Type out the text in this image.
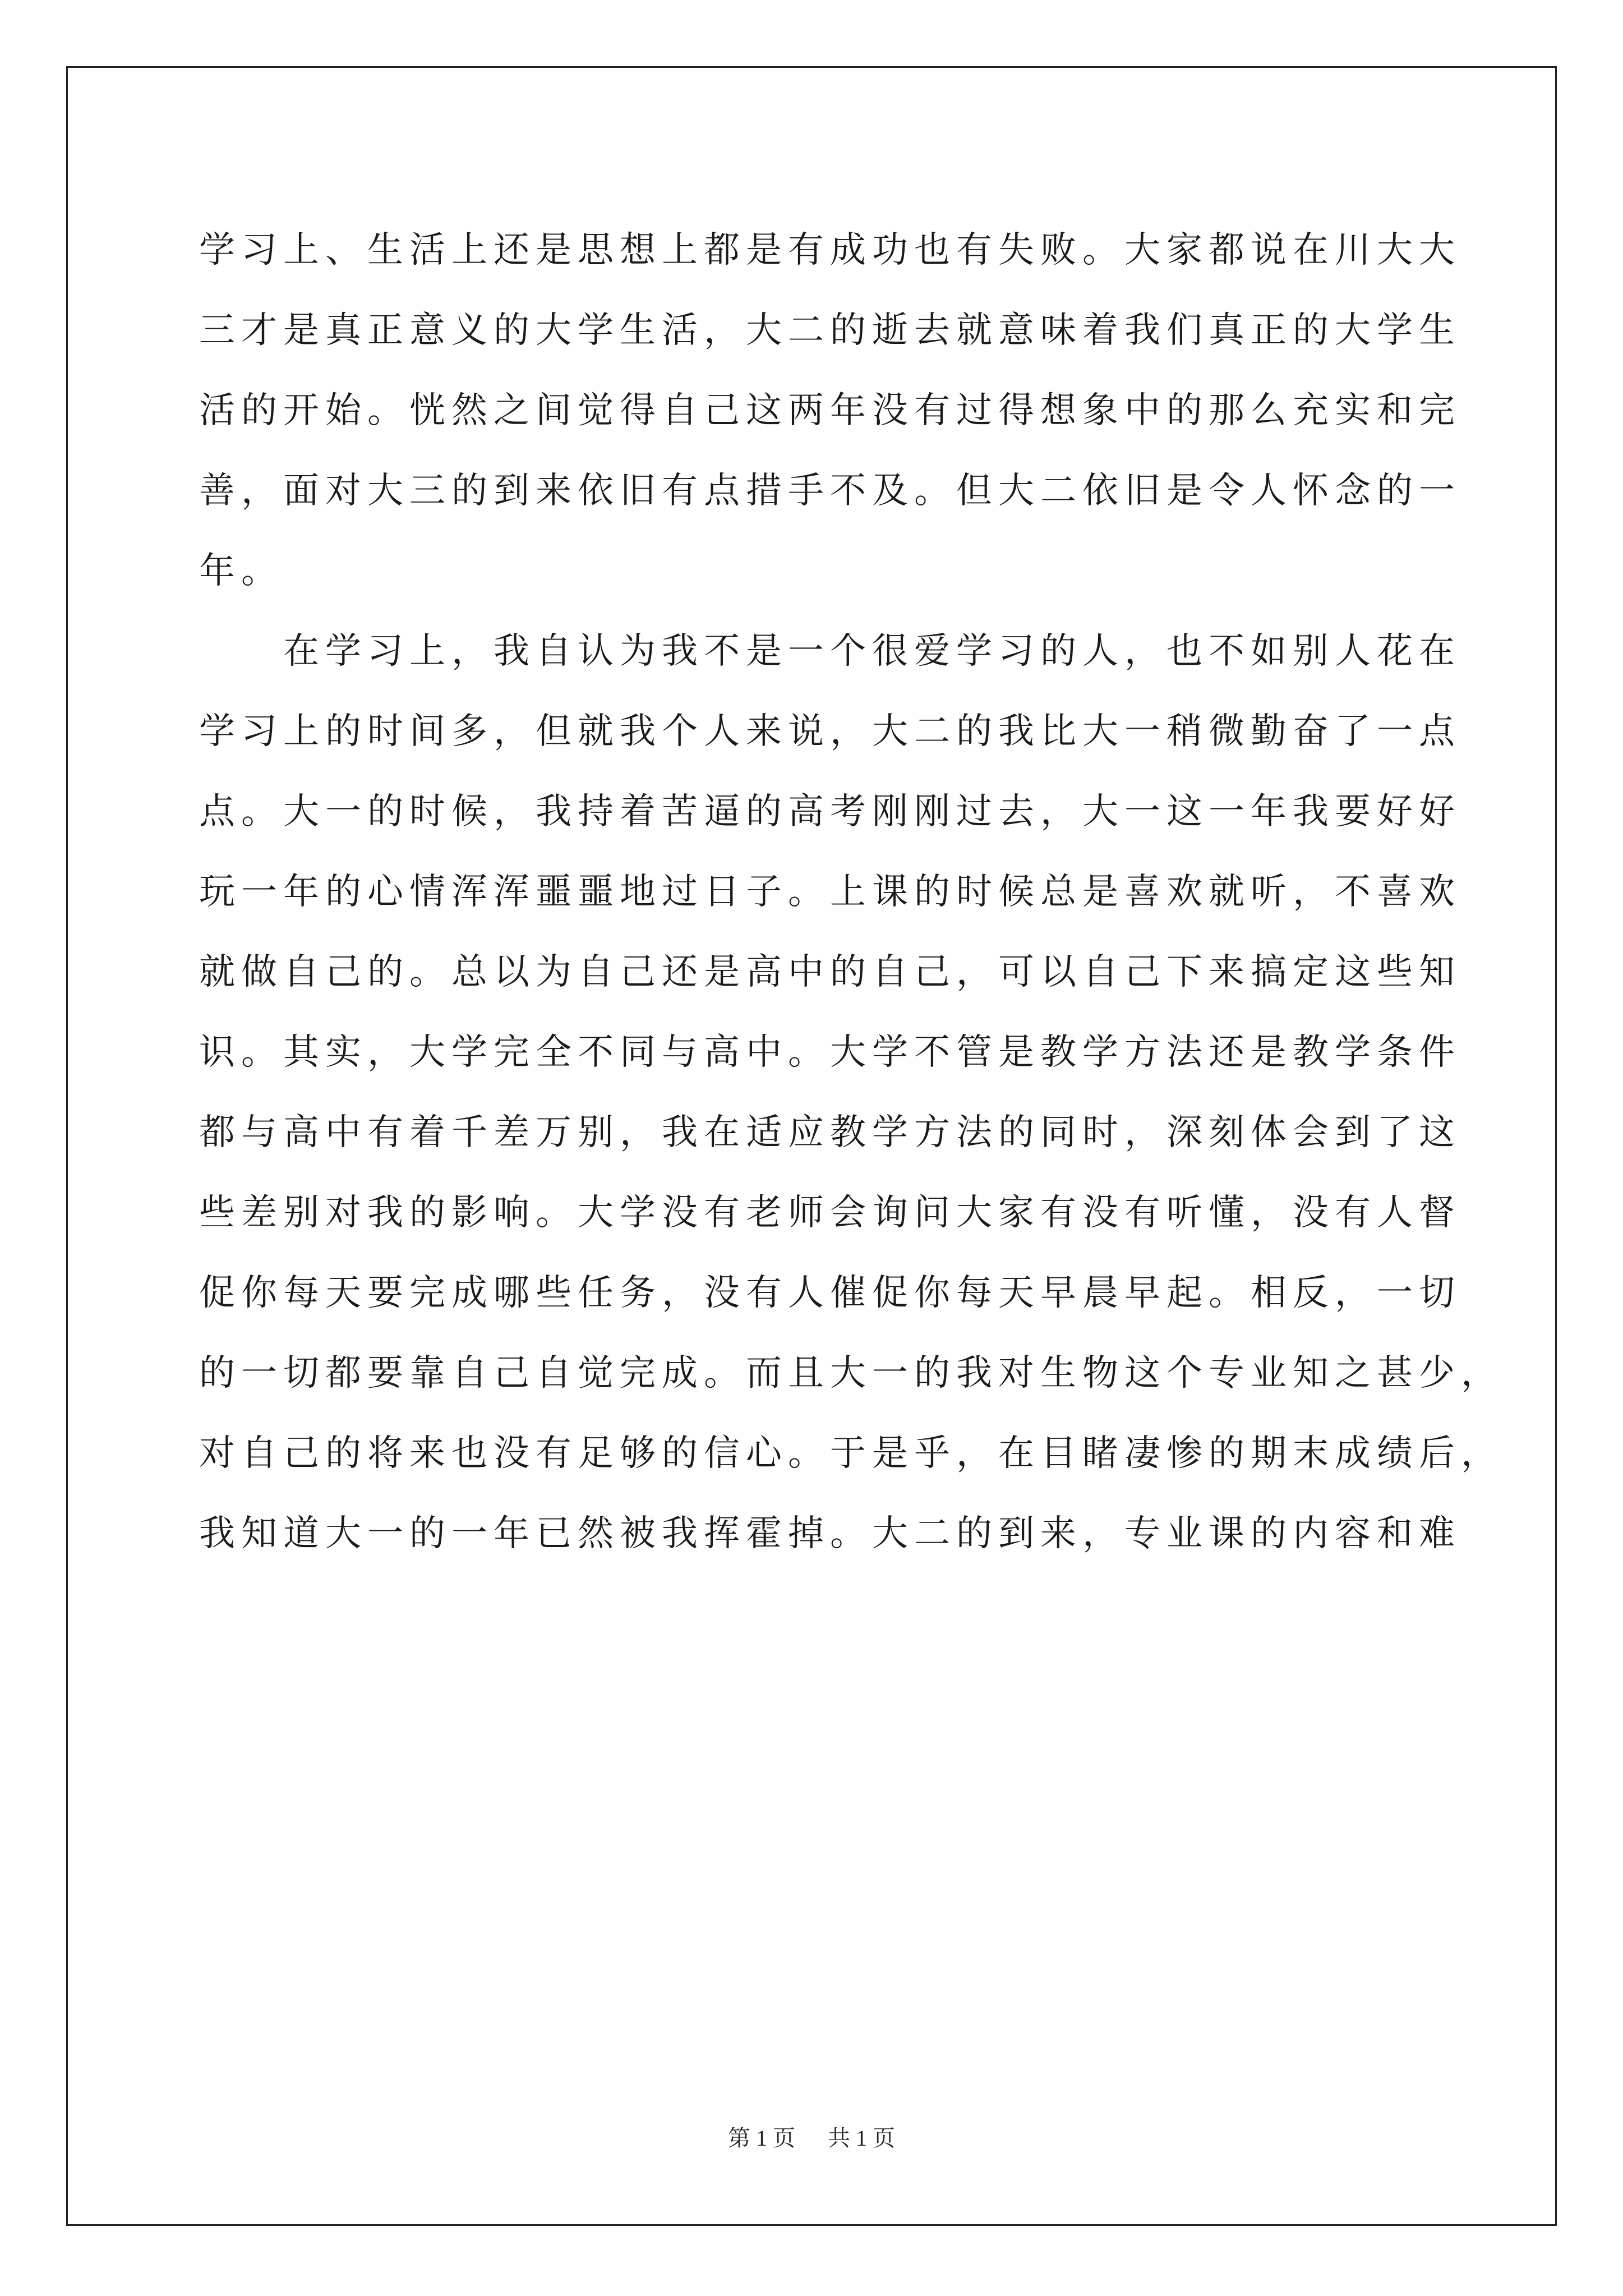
学习上、生活上还是思想上都是有成功也有失败。大家都说在川大大
三才是真正意义的大学生活，大二的逝去就意味着我们真正的大学生
活的开始。恍然之间觉得自己这两年没有过得想象中的那么充实和完
善，面对大三的到来依旧有点措手不及。但大二依旧是令人怀念的一
年。
在学习上，我自认为我不是一个很爱学习的人，也不如别人花在
学习上的时间多，但就我个人来说，大二的我比大一稍微勤奋了一点
点。大一的时候，我持着苦逼的高考刚刚过去，大一这一年我要好好
玩一年的心情浑浑噩噩地过日子。上课的时候总是喜欢就听，不喜欢
就做自己的。总以为自己还是高中的自己，可以自己下来搞定这些知
识。其实，大学完全不同与高中。大学不管是教学方法还是教学条件
都与高中有着千差万别，我在适应教学方法的同时，深刻体会到了这
些差别对我的影响。大学没有老师会询问大家有没有听懂，没有人督
促你每天要完成哪些任务，没有人催促你每天早晨早起。相反，一切
的一切都要靠自己自觉完成。而且大一的我对生物这个专业知之甚少，
对自己的将来也没有足够的信心。于是乎，在目睹凄惨的期末成绩后，
我知道大一的一年已然被我挥霍掉。大二的到来，专业课的内容和难
第 1 页 共 1 页
